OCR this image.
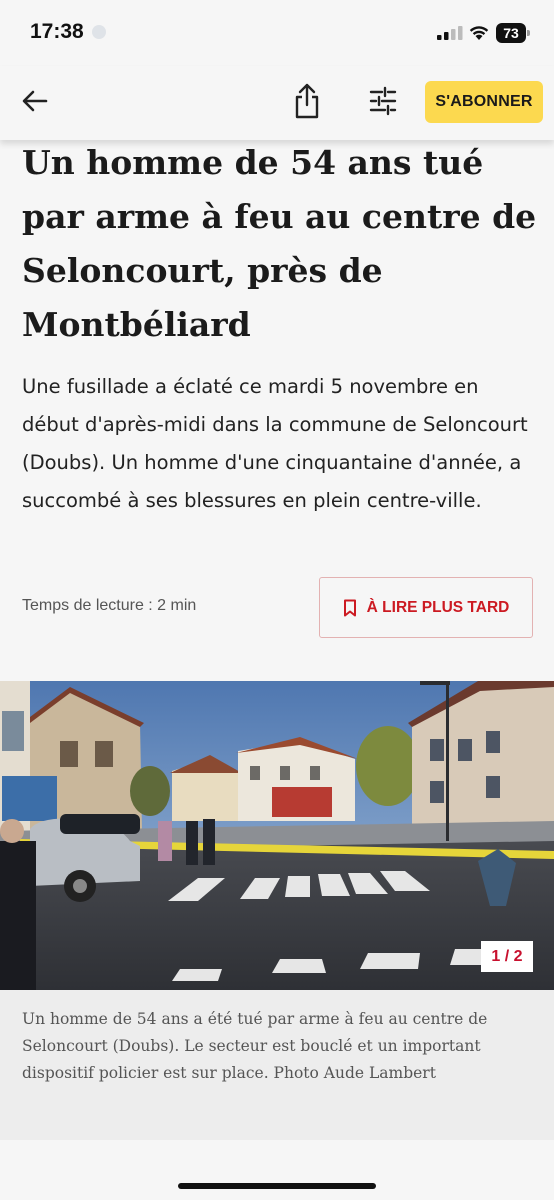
17:38	73
S'ABONNER
Un homme de 54 ans tué par arme à feu au centre de Seloncourt, près de Montbéliard

Une fusillade a éclaté ce mardi 5 novembre en début d'après-midi dans la commune de Seloncourt (Doubs). Un homme d'une cinquantaine d'année, a succombé à ses blessures en plein centre-ville.

Temps de lecture : 2 min	À LIRE PLUS TARD
1 / 2

Un homme de 54 ans a été tué par arme à feu au centre de Seloncourt (Doubs). Le secteur est bouclé et un important dispositif policier est sur place. Photo Aude Lambert
